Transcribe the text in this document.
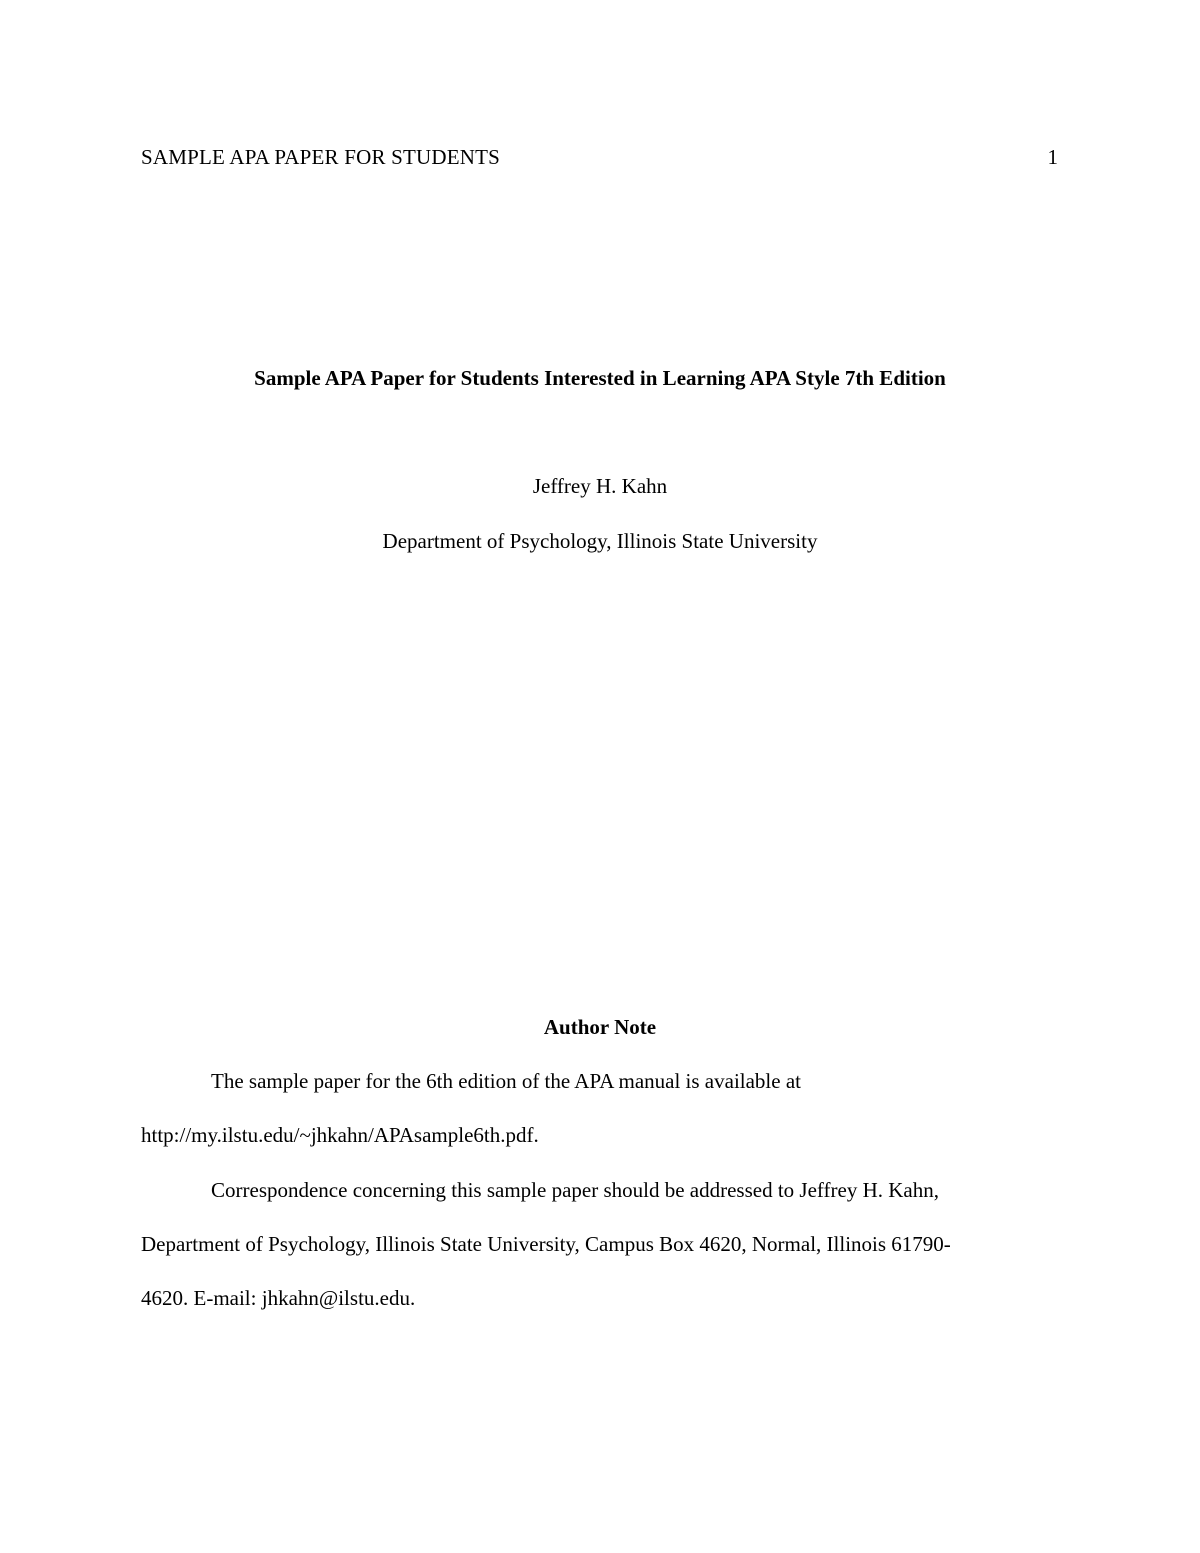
SAMPLE APA PAPER FOR STUDENTS	1
Sample APA Paper for Students Interested in Learning APA Style 7th Edition
Jeffrey H. Kahn
Department of Psychology, Illinois State University
Author Note
The sample paper for the 6th edition of the APA manual is available at
http://my.ilstu.edu/~jhkahn/APAsample6th.pdf.
Correspondence concerning this sample paper should be addressed to Jeffrey H. Kahn,
Department of Psychology, Illinois State University, Campus Box 4620, Normal, Illinois 61790-
4620. E-mail: jhkahn@ilstu.edu.
